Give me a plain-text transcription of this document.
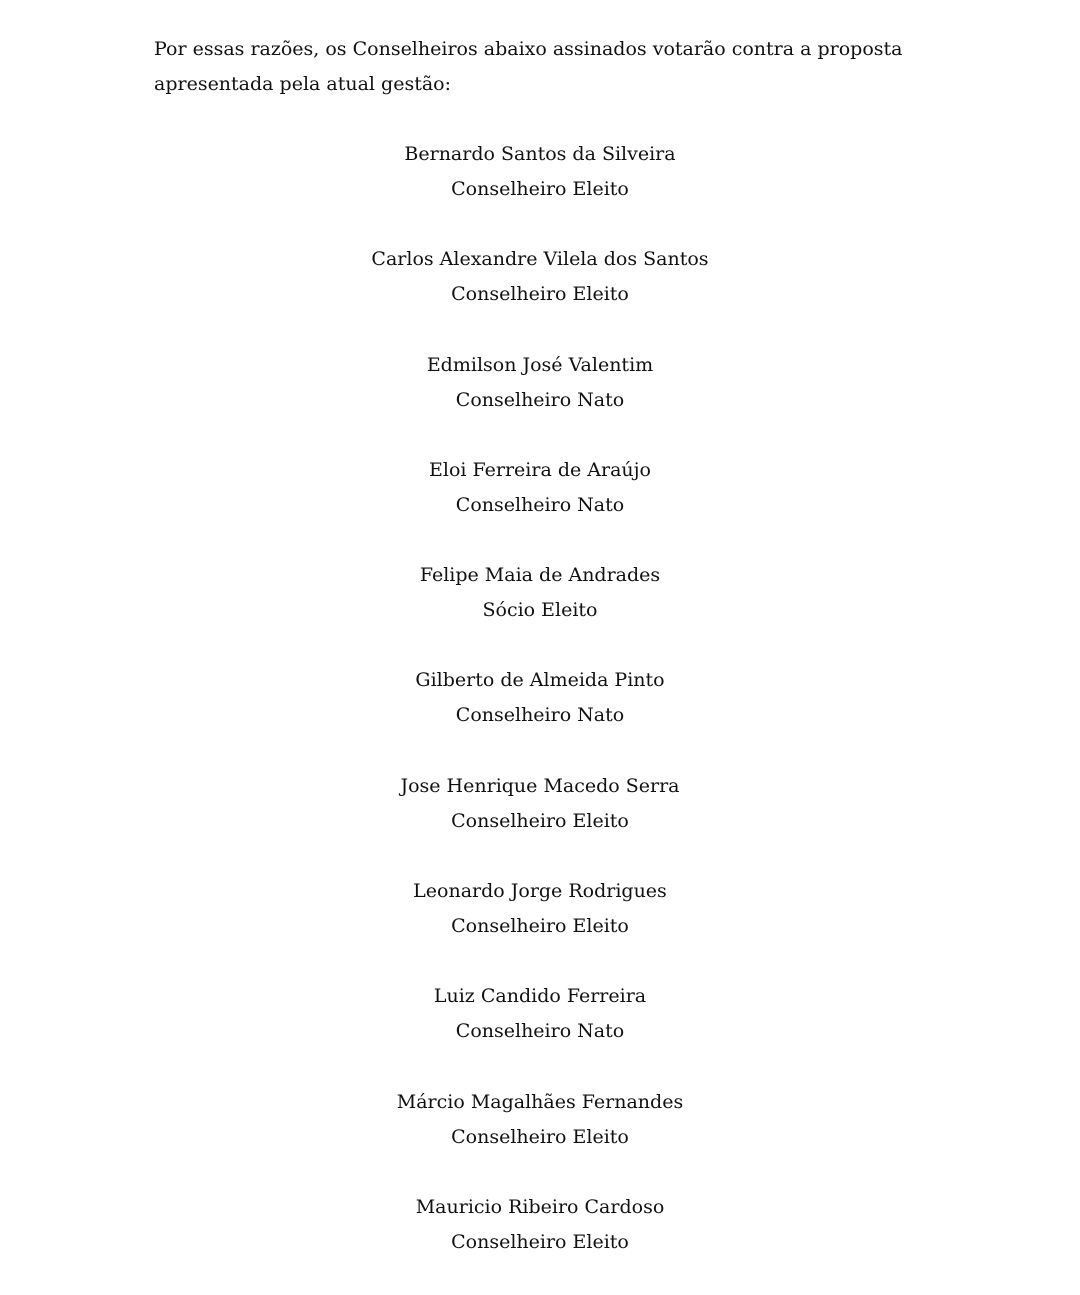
Por essas razões, os Conselheiros abaixo assinados votarão contra a proposta apresentada pela atual gestão:

Bernardo Santos da Silveira
Conselheiro Eleito
Carlos Alexandre Vilela dos Santos
Conselheiro Eleito
Edmilson José Valentim
Conselheiro Nato
Eloi Ferreira de Araújo
Conselheiro Nato
Felipe Maia de Andrades
Sócio Eleito
Gilberto de Almeida Pinto
Conselheiro Nato
Jose Henrique Macedo Serra
Conselheiro Eleito
Leonardo Jorge Rodrigues
Conselheiro Eleito
Luiz Candido Ferreira
Conselheiro Nato
Márcio Magalhães Fernandes
Conselheiro Eleito
Mauricio Ribeiro Cardoso
Conselheiro Eleito
